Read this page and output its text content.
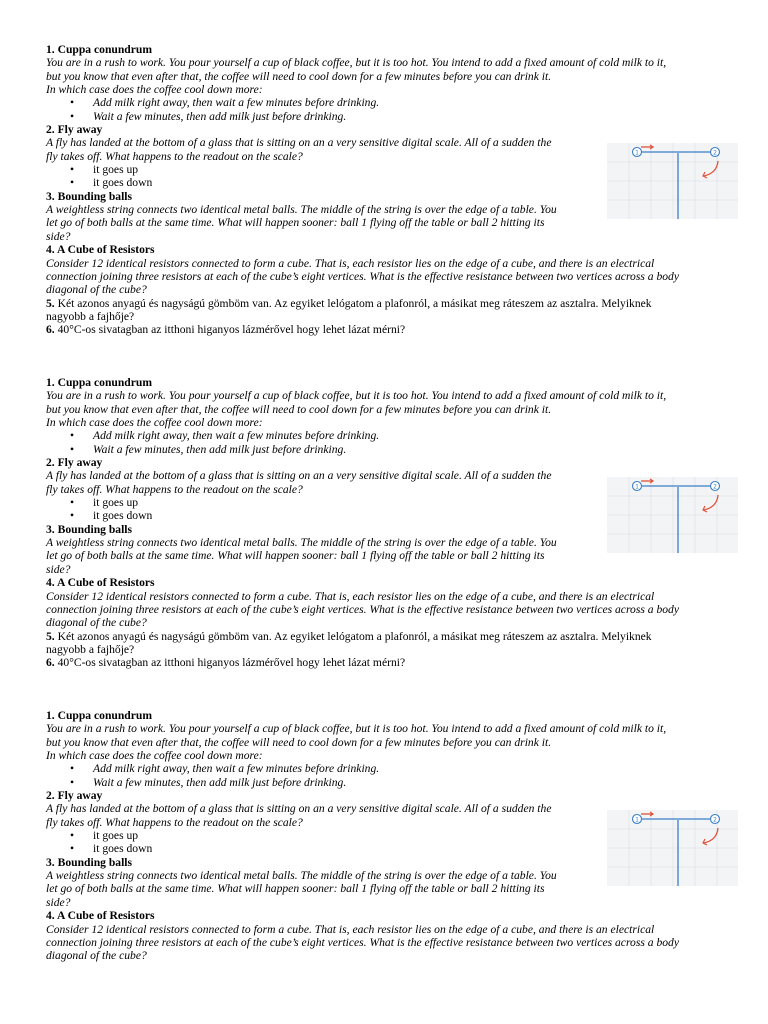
1. Cuppa conundrum
You are in a rush to work. You pour yourself a cup of black coffee, but it is too hot. You intend to add a fixed amount of cold milk to it,
but you know that even after that, the coffee will need to cool down for a few minutes before you can drink it.
In which case does the coffee cool down more:
• Add milk right away, then wait a few minutes before drinking.
• Wait a few minutes, then add milk just before drinking.
2. Fly away
A fly has landed at the bottom of a glass that is sitting on an a very sensitive digital scale. All of a sudden the
fly takes off. What happens to the readout on the scale?
• it goes up
• it goes down
3. Bounding balls
A weightless string connects two identical metal balls. The middle of the string is over the edge of a table. You
let go of both balls at the same time. What will happen sooner: ball 1 flying off the table or ball 2 hitting its
side?
4. A Cube of Resistors
Consider 12 identical resistors connected to form a cube. That is, each resistor lies on the edge of a cube, and there is an electrical
connection joining three resistors at each of the cube’s eight vertices. What is the effective resistance between two vertices across a body
diagonal of the cube?
5. Két azonos anyagú és nagyságú gömböm van. Az egyiket lelógatom a plafonról, a másikat meg ráteszem az asztalra. Melyiknek
nagyobb a fajhője?
6. 40°C-os sivatagban az itthoni higanyos lázmérővel hogy lehet lázat mérni?
1. Cuppa conundrum
You are in a rush to work. You pour yourself a cup of black coffee, but it is too hot. You intend to add a fixed amount of cold milk to it,
but you know that even after that, the coffee will need to cool down for a few minutes before you can drink it.
In which case does the coffee cool down more:
• Add milk right away, then wait a few minutes before drinking.
• Wait a few minutes, then add milk just before drinking.
2. Fly away
A fly has landed at the bottom of a glass that is sitting on an a very sensitive digital scale. All of a sudden the
fly takes off. What happens to the readout on the scale?
• it goes up
• it goes down
3. Bounding balls
A weightless string connects two identical metal balls. The middle of the string is over the edge of a table. You
let go of both balls at the same time. What will happen sooner: ball 1 flying off the table or ball 2 hitting its
side?
4. A Cube of Resistors
Consider 12 identical resistors connected to form a cube. That is, each resistor lies on the edge of a cube, and there is an electrical
connection joining three resistors at each of the cube’s eight vertices. What is the effective resistance between two vertices across a body
diagonal of the cube?
5. Két azonos anyagú és nagyságú gömböm van. Az egyiket lelógatom a plafonról, a másikat meg ráteszem az asztalra. Melyiknek
nagyobb a fajhője?
6. 40°C-os sivatagban az itthoni higanyos lázmérővel hogy lehet lázat mérni?
1. Cuppa conundrum
You are in a rush to work. You pour yourself a cup of black coffee, but it is too hot. You intend to add a fixed amount of cold milk to it,
but you know that even after that, the coffee will need to cool down for a few minutes before you can drink it.
In which case does the coffee cool down more:
• Add milk right away, then wait a few minutes before drinking.
• Wait a few minutes, then add milk just before drinking.
2. Fly away
A fly has landed at the bottom of a glass that is sitting on an a very sensitive digital scale. All of a sudden the
fly takes off. What happens to the readout on the scale?
• it goes up
• it goes down
3. Bounding balls
A weightless string connects two identical metal balls. The middle of the string is over the edge of a table. You
let go of both balls at the same time. What will happen sooner: ball 1 flying off the table or ball 2 hitting its
side?
4. A Cube of Resistors
Consider 12 identical resistors connected to form a cube. That is, each resistor lies on the edge of a cube, and there is an electrical
connection joining three resistors at each of the cube’s eight vertices. What is the effective resistance between two vertices across a body
diagonal of the cube?
1	2
1	2
1	2
